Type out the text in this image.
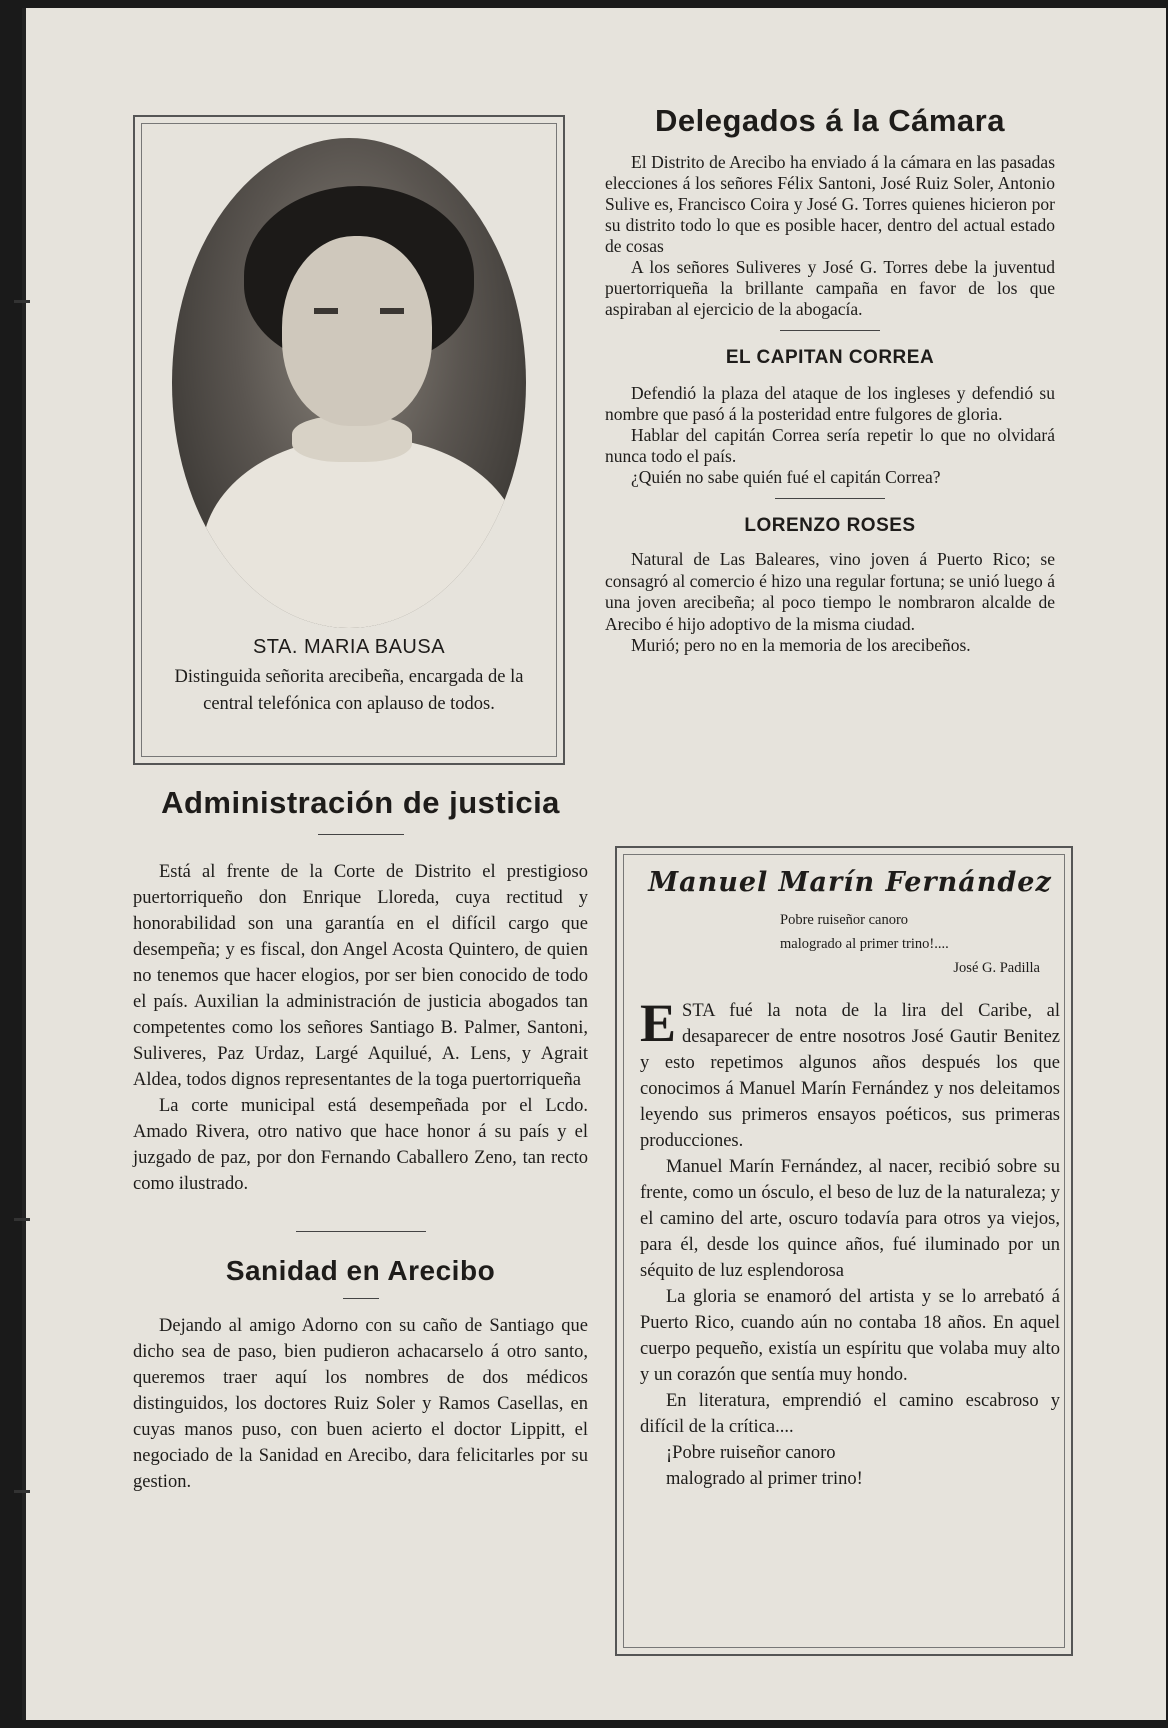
STA. MARIA BAUSA
Distinguida señorita arecibeña, encargada de la central telefónica con aplauso de todos.
Delegados á la Cámara

El Distrito de Arecibo ha enviado á la cámara en las pasadas elecciones á los señores Félix Santoni, José Ruiz Soler, Antonio Sulive es, Francisco Coira y José G. Torres quienes hicieron por su distrito todo lo que es posible hacer, dentro del actual estado de cosas

A los señores Suliveres y José G. Torres debe la juventud puertorriqueña la brillante campaña en favor de los que aspiraban al ejercicio de la abogacía.

EL CAPITAN CORREA

Defendió la plaza del ataque de los ingleses y defendió su nombre que pasó á la posteridad entre fulgores de gloria.

Hablar del capitán Correa sería repetir lo que no olvidará nunca todo el país.

¿Quién no sabe quién fué el capitán Correa?

LORENZO ROSES

Natural de Las Baleares, vino joven á Puerto Rico; se consagró al comercio é hizo una regular fortuna; se unió luego á una joven arecibeña; al poco tiempo le nombraron alcalde de Arecibo é hijo adoptivo de la misma ciudad.

Murió; pero no en la memoria de los arecibeños.

Administración de justicia

Está al frente de la Corte de Distrito el prestigioso puertorriqueño don Enrique Lloreda, cuya rectitud y honorabilidad son una garantía en el difícil cargo que desempeña; y es fiscal, don Angel Acosta Quintero, de quien no tenemos que hacer elogios, por ser bien conocido de todo el país. Auxilian la administración de justicia abogados tan competentes como los señores Santiago B. Palmer, Santoni, Suliveres, Paz Urdaz, Largé Aquilué, A. Lens, y Agrait Aldea, todos dignos representantes de la toga puertorriqueña

La corte municipal está desempeñada por el Lcdo. Amado Rivera, otro nativo que hace honor á su país y el juzgado de paz, por don Fernando Caballero Zeno, tan recto como ilustrado.

Sanidad en Arecibo

Dejando al amigo Adorno con su caño de Santiago que dicho sea de paso, bien pudieron achacarselo á otro santo, queremos traer aquí los nombres de dos médicos distinguidos, los doctores Ruiz Soler y Ramos Casellas, en cuyas manos puso, con buen acierto el doctor Lippitt, el negociado de la Sanidad en Arecibo, dara felicitarles por su gestion.

Manuel Marín Fernández
Pobre ruiseñor canoro
malogrado al primer trino!....
José G. Padilla

ESTA fué la nota de la lira del Caribe, al desaparecer de entre nosotros José Gautir Benitez y esto repetimos algunos años después los que conocimos á Manuel Marín Fernández y nos deleitamos leyendo sus primeros ensayos poéticos, sus primeras producciones.

Manuel Marín Fernández, al nacer, recibió sobre su frente, como un ósculo, el beso de luz de la naturaleza; y el camino del arte, oscuro todavía para otros ya viejos, para él, desde los quince años, fué iluminado por un séquito de luz esplendorosa

La gloria se enamoró del artista y se lo arrebató á Puerto Rico, cuando aún no contaba 18 años. En aquel cuerpo pequeño, existía un espíritu que volaba muy alto y un corazón que sentía muy hondo.

En literatura, emprendió el camino escabroso y difícil de la crítica....

¡Pobre ruiseñor canoro
malogrado al primer trino!
